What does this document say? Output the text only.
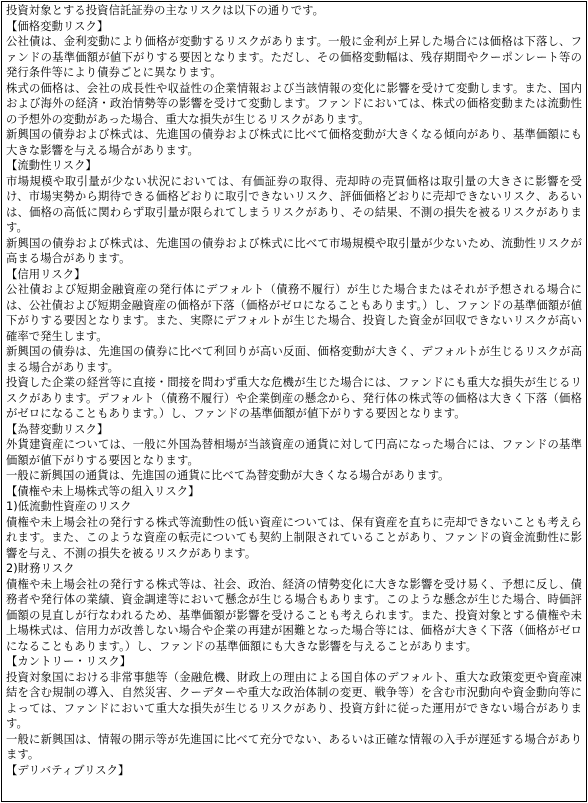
投資対象とする投資信託証券の主なリスクは以下の通りです。

【価格変動リスク】

公社債は、金利変動により価格が変動するリスクがあります。一般に金利が上昇した場合には価格は下落し、ファンドの基準価額が値下がりする要因となります。ただし、その価格変動幅は、残存期間やクーポンレート等の発行条件等により債券ごとに異なります。

株式の価格は、会社の成長性や収益性の企業情報および当該情報の変化に影響を受けて変動します。また、国内および海外の経済・政治情勢等の影響を受けて変動します。ファンドにおいては、株式の価格変動または流動性の予想外の変動があった場合、重大な損失が生じるリスクがあります。

新興国の債券および株式は、先進国の債券および株式に比べて価格変動が大きくなる傾向があり、基準価額にも大きな影響を与える場合があります。

【流動性リスク】

市場規模や取引量が少ない状況においては、有価証券の取得、売却時の売買価格は取引量の大きさに影響を受け、市場実勢から期待できる価格どおりに取引できないリスク、評価価格どおりに売却できないリスク、あるいは、価格の高低に関わらず取引量が限られてしまうリスクがあり、その結果、不測の損失を被るリスクがあります。

新興国の債券および株式は、先進国の債券および株式に比べて市場規模や取引量が少ないため、流動性リスクが高まる場合があります。

【信用リスク】

公社債および短期金融資産の発行体にデフォルト（債務不履行）が生じた場合またはそれが予想される場合には、公社債および短期金融資産の価格が下落（価格がゼロになることもあります。）し、ファンドの基準価額が値下がりする要因となります。また、実際にデフォルトが生じた場合、投資した資金が回収できないリスクが高い確率で発生します。

新興国の債券は、先進国の債券に比べて利回りが高い反面、価格変動が大きく、デフォルトが生じるリスクが高まる場合があります。

投資した企業の経営等に直接・間接を問わず重大な危機が生じた場合には、ファンドにも重大な損失が生じるリスクがあります。デフォルト（債務不履行）や企業倒産の懸念から、発行体の株式等の価格は大きく下落（価格がゼロになることもあります。）し、ファンドの基準価額が値下がりする要因となります。

【為替変動リスク】

外貨建資産については、一般に外国為替相場が当該資産の通貨に対して円高になった場合には、ファンドの基準価額が値下がりする要因となります。

一般に新興国の通貨は、先進国の通貨に比べて為替変動が大きくなる場合があります。

【債権や未上場株式等の組入リスク】

1)低流動性資産のリスク

債権や未上場会社の発行する株式等流動性の低い資産については、保有資産を直ちに売却できないことも考えられます。また、このような資産の転売についても契約上制限されていることがあり、ファンドの資金流動性に影響を与え、不測の損失を被るリスクがあります。

2)財務リスク

債権や未上場会社の発行する株式等は、社会、政治、経済の情勢変化に大きな影響を受け易く、予想に反し、債務者や発行体の業績、資金調達等において懸念が生じる場合もあります。このような懸念が生じた場合、時価評価額の見直しが行なわれるため、基準価額が影響を受けることも考えられます。また、投資対象とする債権や未上場株式は、信用力が改善しない場合や企業の再建が困難となった場合等には、価格が大きく下落（価格がゼロになることもあります。）し、ファンドの基準価額にも大きな影響を与えることがあります。

【カントリー・リスク】

投資対象国における非常事態等（金融危機、財政上の理由による国自体のデフォルト、重大な政策変更や資産凍結を含む規制の導入、自然災害、クーデターや重大な政治体制の変更、戦争等）を含む市況動向や資金動向等によっては、ファンドにおいて重大な損失が生じるリスクがあり、投資方針に従った運用ができない場合があります。

一般に新興国は、情報の開示等が先進国に比べて充分でない、あるいは正確な情報の入手が遅延する場合があります。

【デリバティブリスク】
